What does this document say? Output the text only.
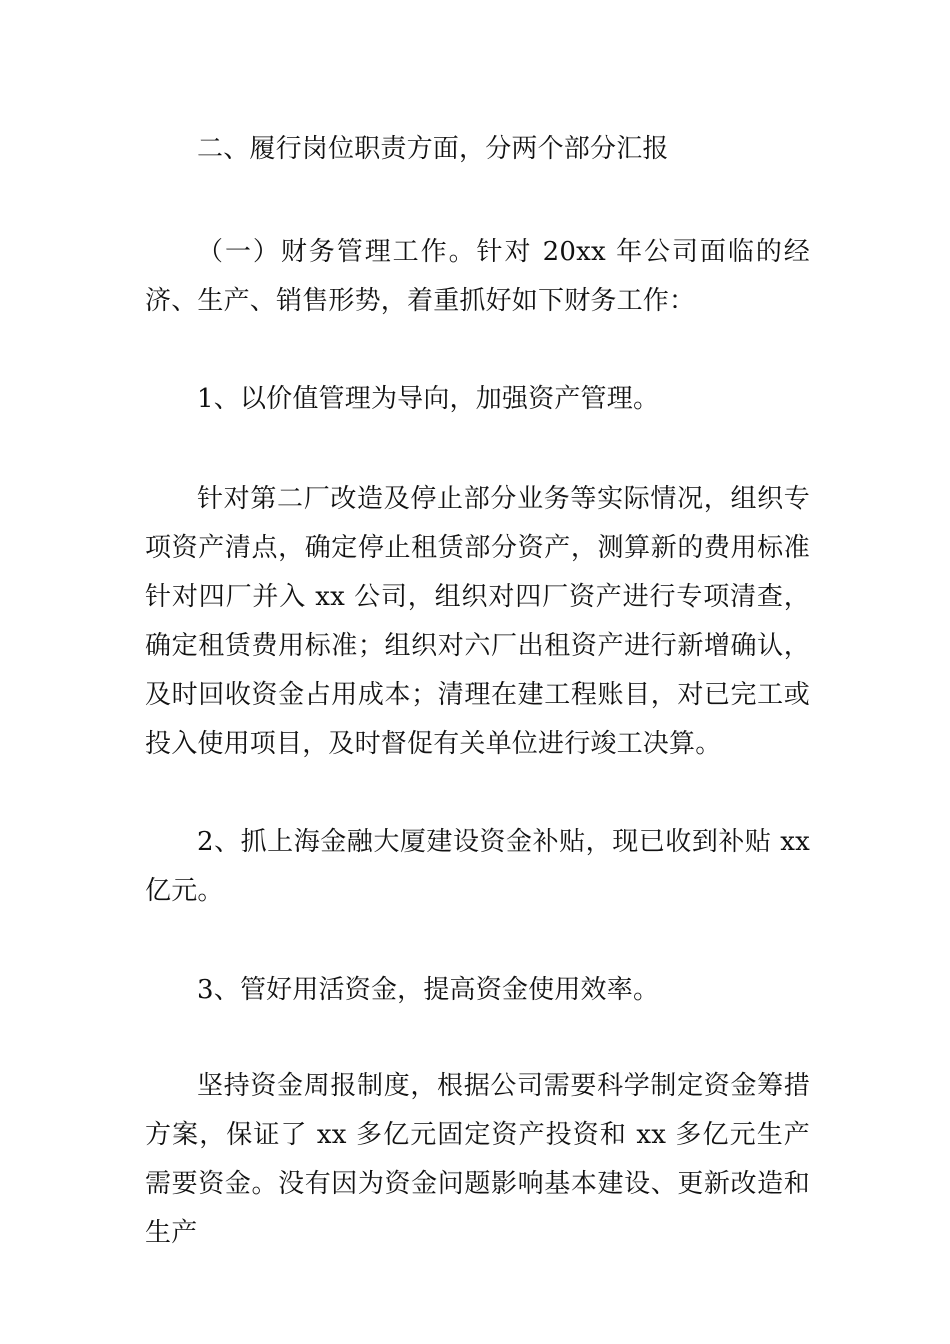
二、履行岗位职责方面，分两个部分汇报

（一）财务管理工作。针对 20xx 年公司面临的经济、生产、销售形势，着重抓好如下财务工作：

1、以价值管理为导向，加强资产管理。

针对第二厂改造及停止部分业务等实际情况，组织专项资产清点，确定停止租赁部分资产，测算新的费用标准针对四厂并入 xx 公司，组织对四厂资产进行专项清查，确定租赁费用标准；组织对六厂出租资产进行新增确认，及时回收资金占用成本；清理在建工程账目，对已完工或投入使用项目，及时督促有关单位进行竣工决算。

2、抓上海金融大厦建设资金补贴，现已收到补贴 xx 亿元。

3、管好用活资金，提高资金使用效率。

坚持资金周报制度，根据公司需要科学制定资金筹措方案，保证了 xx 多亿元固定资产投资和 xx 多亿元生产需要资金。没有因为资金问题影响基本建设、更新改造和生产
